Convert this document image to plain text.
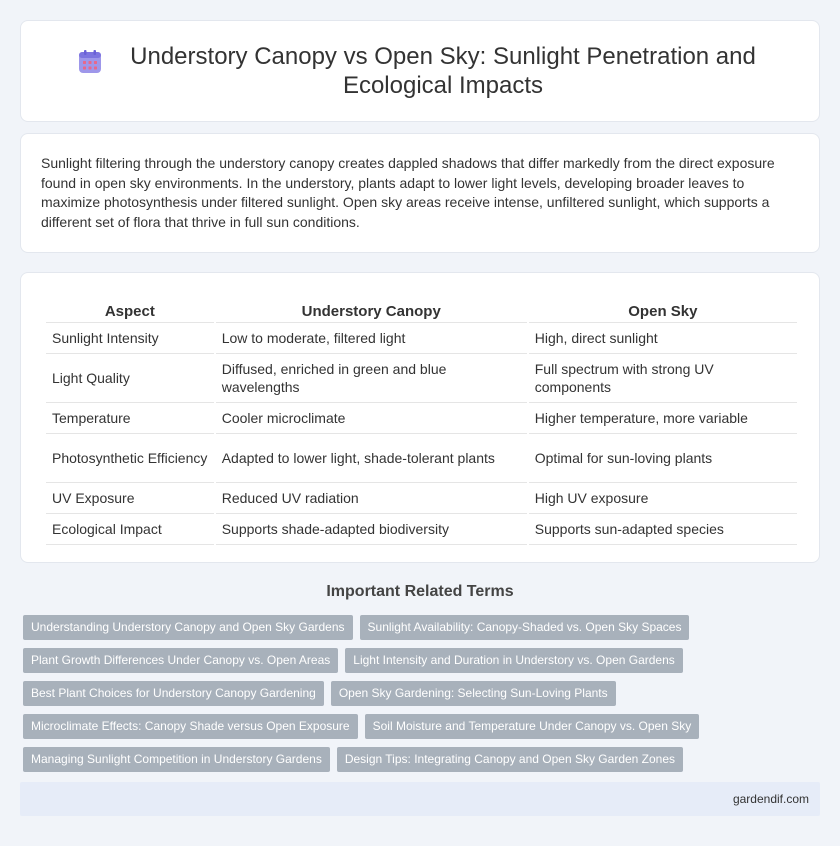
Understory Canopy vs Open Sky: Sunlight Penetration and Ecological Impacts

Sunlight filtering through the understory canopy creates dappled shadows that differ markedly from the direct exposure found in open sky environments. In the understory, plants adapt to lower light levels, developing broader leaves to maximize photosynthesis under filtered sunlight. Open sky areas receive intense, unfiltered sunlight, which supports a different set of flora that thrive in full sun conditions.

Aspect	Understory Canopy	Open Sky
Sunlight Intensity	Low to moderate, filtered light	High, direct sunlight
Light Quality	Diffused, enriched in green and blue wavelengths	Full spectrum with strong UV components
Temperature	Cooler microclimate	Higher temperature, more variable
Photosynthetic Efficiency	Adapted to lower light, shade-tolerant plants	Optimal for sun-loving plants
UV Exposure	Reduced UV radiation	High UV exposure
Ecological Impact	Supports shade-adapted biodiversity	Supports sun-adapted species
Important Related Terms
Understanding Understory Canopy and Open Sky Gardens	Sunlight Availability: Canopy-Shaded vs. Open Sky Spaces
Plant Growth Differences Under Canopy vs. Open Areas	Light Intensity and Duration in Understory vs. Open Gardens
Best Plant Choices for Understory Canopy Gardening	Open Sky Gardening: Selecting Sun-Loving Plants
Microclimate Effects: Canopy Shade versus Open Exposure	Soil Moisture and Temperature Under Canopy vs. Open Sky
Managing Sunlight Competition in Understory Gardens	Design Tips: Integrating Canopy and Open Sky Garden Zones
gardendif.com
